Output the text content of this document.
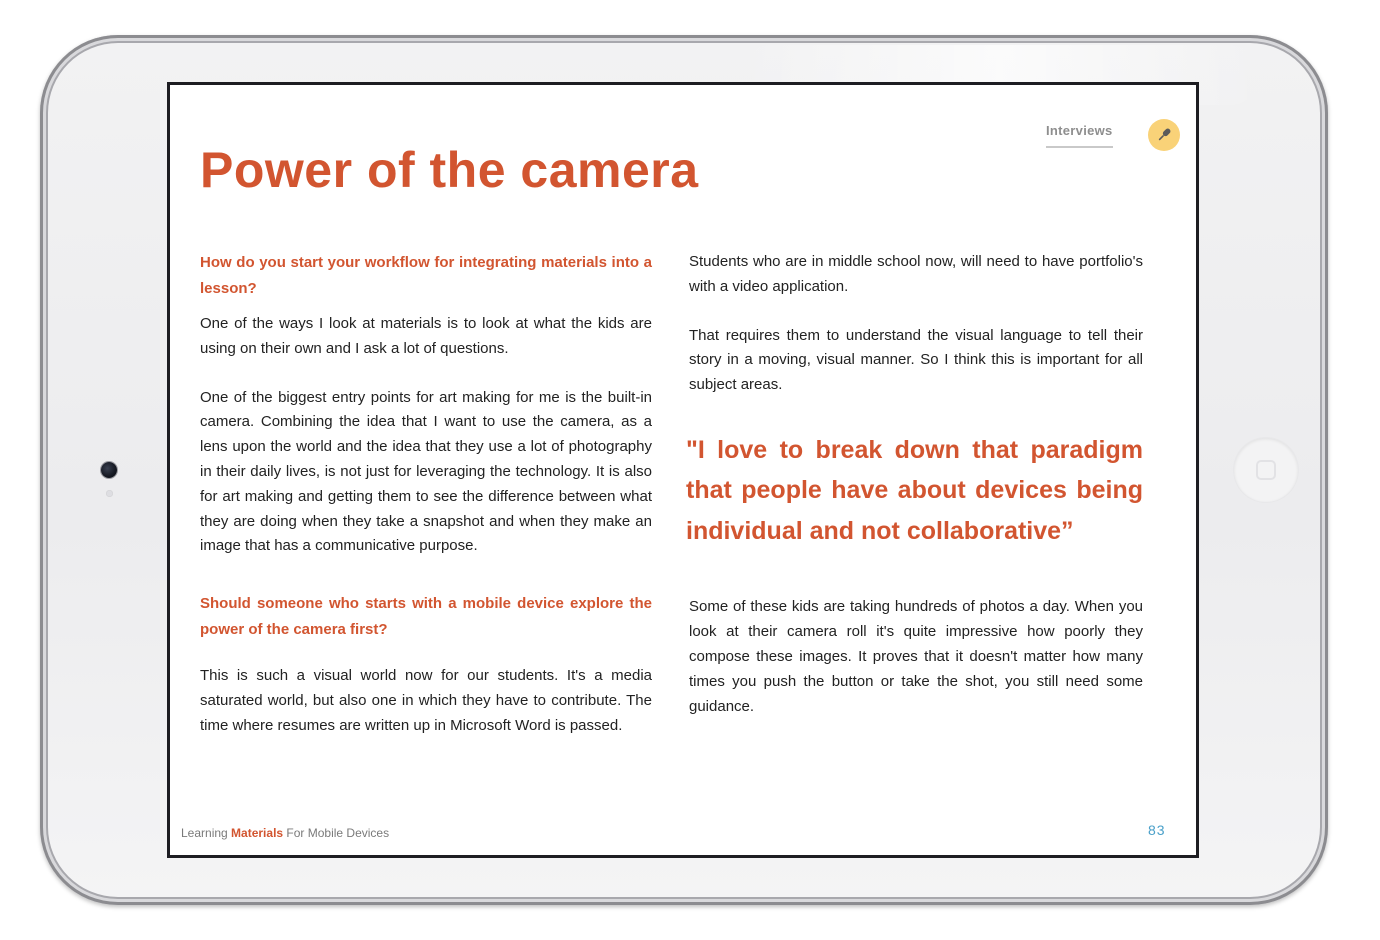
Power of the camera
Interviews

How do you start your workflow for integrating materials into a lesson?

One of the ways I look at materials is to look at what the kids are using on their own and I ask a lot of questions.

One of the biggest entry points for art making for me is the built-in camera. Combining the idea that I want to use the camera, as a lens upon the world and the idea that they use a lot of photography in their daily lives, is not just for leveraging the technology. It is also for art making and getting them to see the difference between what they are doing when they take a snapshot and when they make an image that has a communicative purpose.

Should someone who starts with a mobile device explore the power of the camera first?

This is such a visual world now for our students. It's a media saturated world, but also one in which they have to contribute. The time where resumes are written up in Microsoft Word is passed.

Students who are in middle school now, will need to have portfolio's with a video application.

That requires them to understand the visual language to tell their story in a moving, visual manner. So I think this is important for all subject areas.

"I love to break down that paradigm that people have about devices being individual and not collaborative”

Some of these kids are taking hundreds of photos a day. When you look at their camera roll it's quite impressive how poorly they compose these images. It proves that it doesn't matter how many times you push the button or take the shot, you still need some guidance.

Learning Materials For Mobile Devices	83
